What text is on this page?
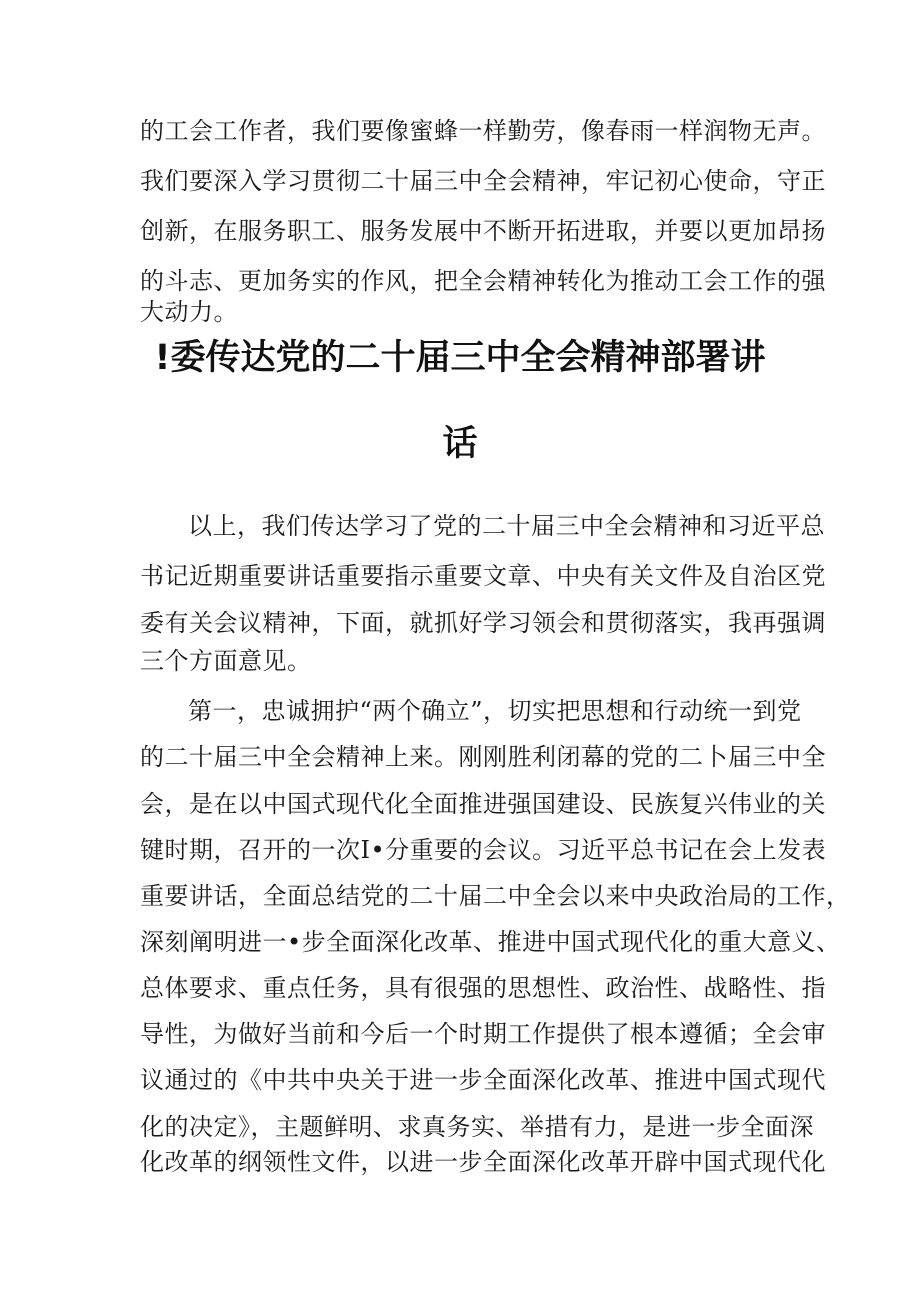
的工会工作者，我们要像蜜蜂一样勤劳，像春雨一样润物无声。
我们要深入学习贯彻二十届三中全会精神，牢记初心使命，守正
创新，在服务职工、服务发展中不断开拓进取，并要以更加昂扬
的斗志、更加务实的作风，把全会精神转化为推动工会工作的强
大动力。
!委传达党的二十届三中全会精神部署讲
话
以上，我们传达学习了党的二十届三中全会精神和习近平总
书记近期重要讲话重要指示重要文章、中央有关文件及自治区党
委有关会议精神，下面，就抓好学习领会和贯彻落实，我再强调
三个方面意见。
第一，忠诚拥护“两个确立”，切实把思想和行动统一到党
的二十届三中全会精神上来。刚刚胜利闭幕的党的二卜届三中全
会，是在以中国式现代化全面推进强国建设、民族复兴伟业的关
键时期，召开的一次I•分重要的会议。习近平总书记在会上发表
重要讲话，全面总结党的二十届二中全会以来中央政治局的工作，
深刻阐明进一•步全面深化改革、推进中国式现代化的重大意义、
总体要求、重点任务，具有很强的思想性、政治性、战略性、指
导性，为做好当前和今后一个时期工作提供了根本遵循；全会审
议通过的《中共中央关于进一步全面深化改革、推进中国式现代
化的决定》，主题鲜明、求真务实、举措有力，是进一步全面深
化改革的纲领性文件，以进一步全面深化改革开辟中国式现代化
